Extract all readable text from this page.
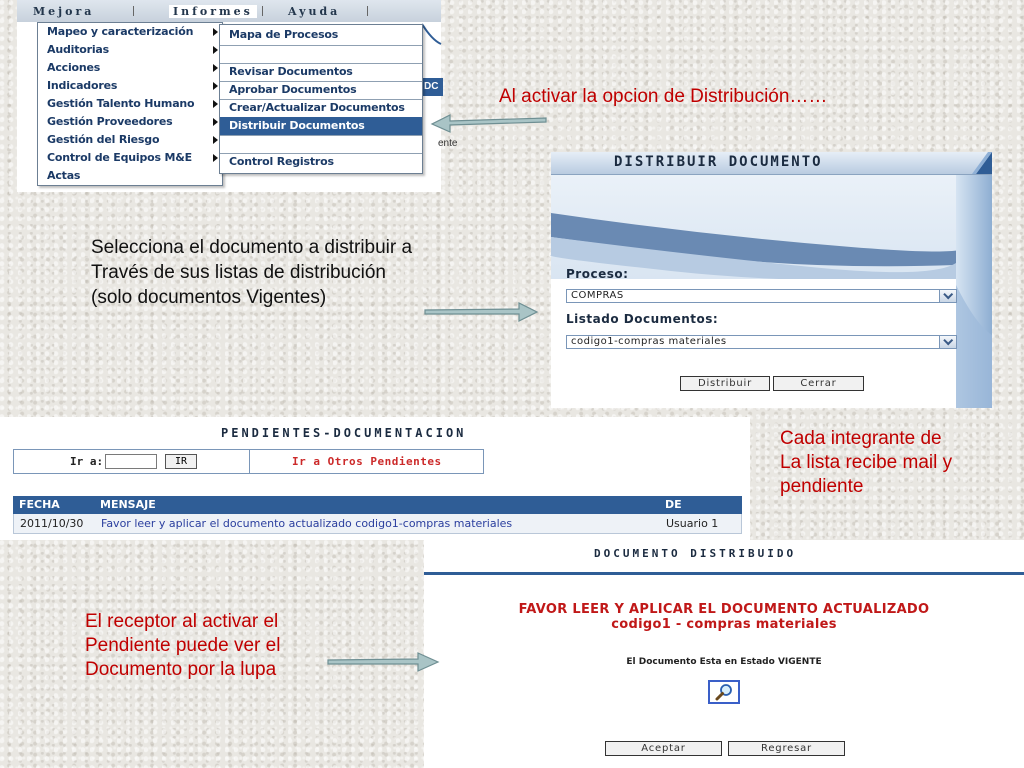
Mejora	Informes	Ayuda
DC
ente
Mapeo y caracterización
Auditorias
Acciones
Indicadores
Gestión Talento Humano
Gestión Proveedores
Gestión del Riesgo
Control de Equipos M&E
Actas
Mapa de Procesos
Revisar Documentos
Aprobar Documentos
Crear/Actualizar Documentos
Distribuir Documentos
Control Registros
Al activar la opcion de Distribución……
DISTRIBUIR DOCUMENTO
Proceso:
COMPRAS
Listado Documentos:
codigo1-compras materiales
Distribuir	Cerrar
Selecciona el documento a distribuir a
Través de sus listas de distribución
(solo documentos Vigentes)
PENDIENTES-DOCUMENTACION
Ir a:	IR	Ir a Otros Pendientes
FECHA	MENSAJE	DE
2011/10/30 Favor leer y aplicar el documento actualizado codigo1-compras materiales	Usuario 1
Cada integrante de
La lista recibe mail y
pendiente
DOCUMENTO DISTRIBUIDO
FAVOR LEER Y APLICAR EL DOCUMENTO ACTUALIZADO
codigo1 - compras materiales
El Documento Esta en Estado VIGENTE
Aceptar	Regresar
El receptor al activar el
Pendiente puede ver el
Documento por la lupa
